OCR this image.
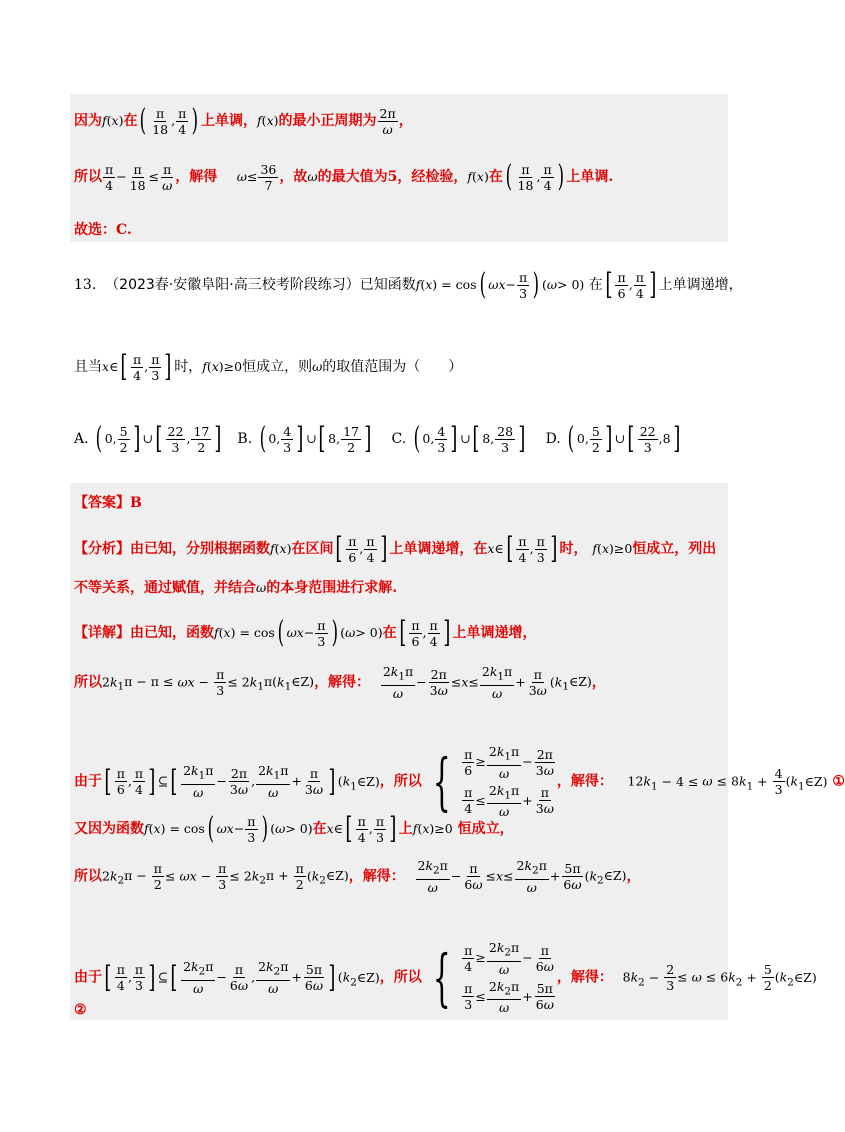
因为f(x)在( $\frac{\pi}{18}$ , $\frac{\pi}{4}$ ) 上单调，f(x)的最小正周期为 $\frac{2\pi}{\omega}$ ，
所以 $\frac{\pi}{4} - \frac{\pi}{18} \le \frac{\pi}{\omega}$ ，解得 $\omega\le \frac{36}{7}$ ，故ω的最大值为5，经检验，f(x)在( $\frac{\pi}{18}$ , $\frac{\pi}{4}$ ) 上单调.
故选：C.
13. （2023春·安徽阜阳·高三校考阶段练习）已知函数f(x) = cos( $\omega x- \frac{\pi}{3}$ ) (ω> 0) 在[ $\frac{\pi}{6}$ , $\frac{\pi}{4}$ ] 上单调递增，
且当x∈[ $\frac{\pi}{4}$ , $\frac{\pi}{3}$ ] 时，f(x)≥0恒成立，则ω的取值范围为（　　）
A. ( 0, $\frac{5}{2}$ ] ∪[ $\frac{22}{3}$ , $\frac{17}{2}$ ] B. ( 0, $\frac{4}{3}$ ] ∪[ 8, $\frac{17}{2}$ ] C. ( 0, $\frac{4}{3}$ ] ∪[ 8, $\frac{28}{3}$ ] D. ( 0, $\frac{5}{2}$ ] ∪[ $\frac{22}{3} ,8$]
【答案】B
【分析】由已知，分别根据函数f(x)在区间[ $\frac{\pi}{6}$ , $\frac{\pi}{4}$ ] 上单调递增，在x∈[ $\frac{\pi}{4}$ , $\frac{\pi}{3}$ ] 时， f(x)≥0恒成立，列出
不等关系，通过赋值，并结合ω的本身范围进行求解.
【详解】由已知，函数f(x) = cos( $\omega x- \frac{\pi}{3}$ ) (ω> 0)在[ $\frac{\pi}{6}$ , $\frac{\pi}{4}$ ] 上单调递增，
所以$2k_1\pi - \pi \le \omega x - \frac{\pi}{3}$ ≤ $2k_1\pi(k_1\in Z)$，解得： $\frac{2k_1\pi}{\omega} - \frac{2\pi}{3\omega} \le x\le \frac{2k_1\pi}{\omega} + \frac{\pi}{3\omega}$ $(k_1\in Z)$，
由于[ $\frac{\pi}{6}$ , $\frac{\pi}{4}$ ] ⊆[ $\frac{2k_1\pi}{\omega} - \frac{2\pi}{3\omega}$ , $\frac{2k_1\pi}{\omega} + \frac{\pi}{3\omega}$ ] $(k_1\in Z)$，所以 { $\frac{\pi}{6} \ge \frac{2k_1\pi}{\omega} - \frac{2\pi}{3\omega}$
$\frac{\pi}{4} \le \frac{2k_1\pi}{\omega} + \frac{\pi}{3\omega}$
，解得： $12k_1 - 4 \le \omega \le 8k_1 + \frac{4}{3}$ $(k_1\in Z)$ ①
又因为函数f(x) = cos( $\omega x- \frac{\pi}{3}$ ) (ω> 0)在x∈[ $\frac{\pi}{4}$ , $\frac{\pi}{3}$ ] 上f(x)≥0 恒成立，
所以$2k_2\pi - \frac{\pi}{2} \le \omega x - \frac{\pi}{3} \le 2k_2\pi + \frac{\pi}{2}$ $(k_2\in Z)$，解得： $\frac{2k_2\pi}{\omega} - \frac{\pi}{6\omega} \le x\le \frac{2k_2\pi}{\omega} + \frac{5\pi}{6\omega}$ $(k_2\in Z)$，
由于[ $\frac{\pi}{4}$ , $\frac{\pi}{3}$ ] ⊆[ $\frac{2k_2\pi}{\omega} - \frac{\pi}{6\omega}$ , $\frac{2k_2\pi}{\omega} + \frac{5\pi}{6\omega}$ ] $(k_2\in Z)$，所以 { $\frac{\pi}{4} \ge \frac{2k_2\pi}{\omega} - \frac{\pi}{6\omega}$
$\frac{\pi}{3} \le \frac{2k_2\pi}{\omega} + \frac{5\pi}{6\omega}$
，解得： $8k_2 - \frac{2}{3} \le \omega \le 6k_2 + \frac{5}{2}$ $(k_2\in Z)$
②
